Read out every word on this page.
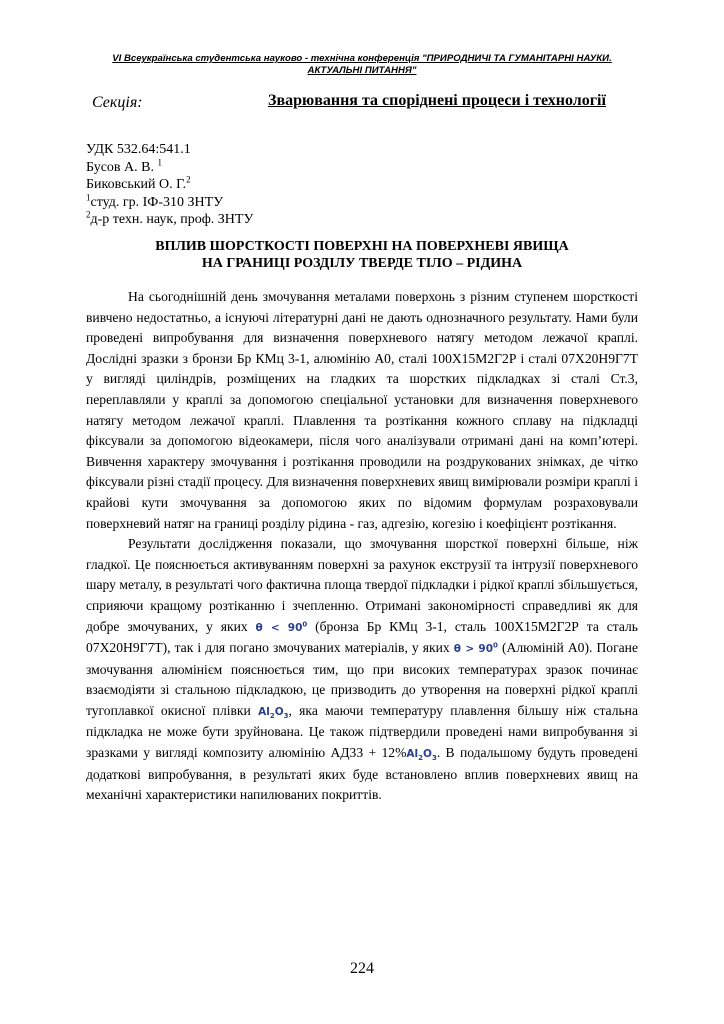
VI Всеукраїнська студентська науково - технічна конференція "ПРИРОДНИЧІ ТА ГУМАНІТАРНІ НАУКИ.
АКТУАЛЬНІ ПИТАННЯ"
Секція:	Зварювання та споріднені процеси і технології
УДК 532.64:541.1
Бусов А. В. $^1$
Биковський О. Г.$^2$
$^1$студ. гр. ІФ-310 ЗНТУ
$^2$д-р техн. наук, проф. ЗНТУ
ВПЛИВ ШОРСТКОСТІ ПОВЕРХНІ НА ПОВЕРХНЕВІ ЯВИЩА
НА ГРАНИЦІ РОЗДІЛУ ТВЕРДЕ ТІЛО – РІДИНА

На сьогоднішній день змочування металами поверхонь з різним ступенем шорсткості вивчено недостатньо, а існуючі літературні дані не дають однозначного результату. Нами були проведені випробування для визначення поверхневого натягу методом лежачої краплі. Дослідні зразки з бронзи Бр КМц 3-1, алюмінію А0, сталі 100Х15М2Г2Р і сталі 07Х20Н9Г7Т у вигляді циліндрів, розміщених на гладких та шорстких підкладках зі сталі Ст.3, переплавляли у краплі за допомогою спеціальної установки для визначення поверхневого натягу методом лежачої краплі. Плавлення та розтікання кожного сплаву на підкладці фіксували за допомогою відеокамери, після чого аналізували отримані дані на комп’ютері. Вивчення характеру змочування і розтікання проводили на роздрукованих знімках, де чітко фіксували різні стадії процесу. Для визначення поверхневих явищ вимірювали розміри краплі і крайові кути змочування за допомогою яких по відомим формулам розраховували поверхневий натяг на границі розділу рідина - газ, адгезію, когезію і коефіцієнт розтікання.

Результати дослідження показали, що змочування шорсткої поверхні більше, ніж гладкої. Це пояснюється активуванням поверхні за рахунок екструзії та інтрузії поверхневого шару металу, в результаті чого фактична площа твердої підкладки і рідкої краплі збільшується, сприяючи кращому розтіканню і зчепленню. Отримані закономірності справедливі як для добре змочуваних, у яких $\theta < 90^0$ (бронза Бр КМц 3-1, сталь 100Х15М2Г2Р та сталь 07Х20Н9Г7Т), так і для погано змочуваних матеріалів, у яких $\theta > 90^0$ (Алюміній А0). Погане змочування алюмінієм пояснюється тим, що при високих температурах зразок починає взаємодіяти зі стальною підкладкою, це призводить до утворення на поверхні рідкої краплі тугоплавкої окисної плівки $Al_2O_3$, яка маючи температуру плавлення більшу ніж стальна підкладка не може бути зруйнована. Це також підтвердили проведені нами випробування зі зразками у вигляді композиту алюмінію $АД33 + 12\%Al_2O_3$. В подальшому будуть проведені додаткові випробування, в результаті яких буде встановлено вплив поверхневих явищ на механічні характеристики напилюваних покриттів.

224
